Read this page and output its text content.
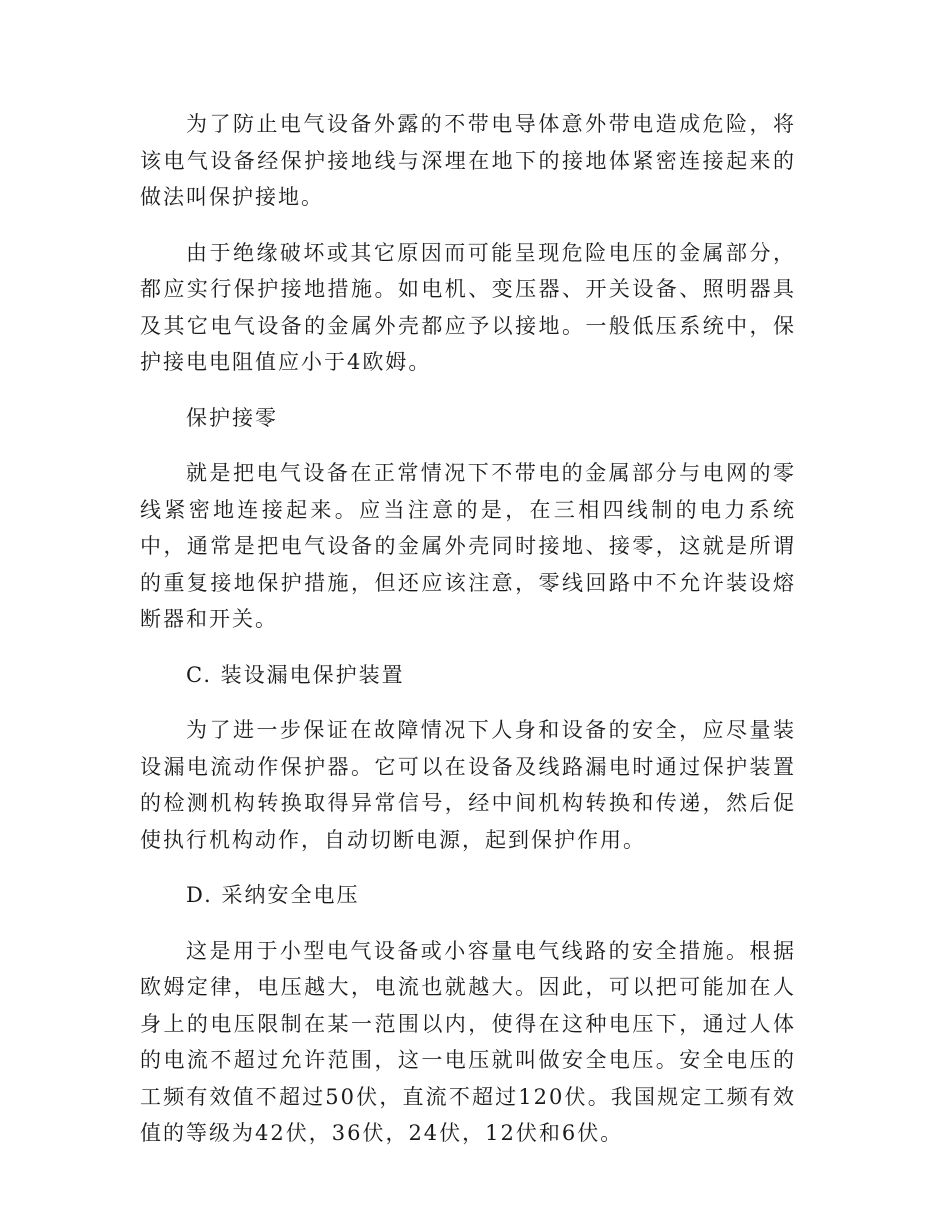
为了防止电气设备外露的不带电导体意外带电造成危险，将该电气设备经保护接地线与深埋在地下的接地体紧密连接起来的做法叫保护接地。

由于绝缘破坏或其它原因而可能呈现危险电压的金属部分，都应实行保护接地措施。如电机、变压器、开关设备、照明器具及其它电气设备的金属外壳都应予以接地。一般低压系统中，保护接电电阻值应小于4欧姆。

保护接零

就是把电气设备在正常情况下不带电的金属部分与电网的零线紧密地连接起来。应当注意的是，在三相四线制的电力系统中，通常是把电气设备的金属外壳同时接地、接零，这就是所谓的重复接地保护措施，但还应该注意，零线回路中不允许装设熔断器和开关。

C. 装设漏电保护装置

为了进一步保证在故障情况下人身和设备的安全，应尽量装设漏电流动作保护器。它可以在设备及线路漏电时通过保护装置的检测机构转换取得异常信号，经中间机构转换和传递，然后促使执行机构动作，自动切断电源，起到保护作用。

D. 采纳安全电压

这是用于小型电气设备或小容量电气线路的安全措施。根据欧姆定律，电压越大，电流也就越大。因此，可以把可能加在人身上的电压限制在某一范围以内，使得在这种电压下，通过人体的电流不超过允许范围，这一电压就叫做安全电压。安全电压的工频有效值不超过50伏，直流不超过120伏。我国规定工频有效值的等级为42伏，36伏，24伏，12伏和6伏。
